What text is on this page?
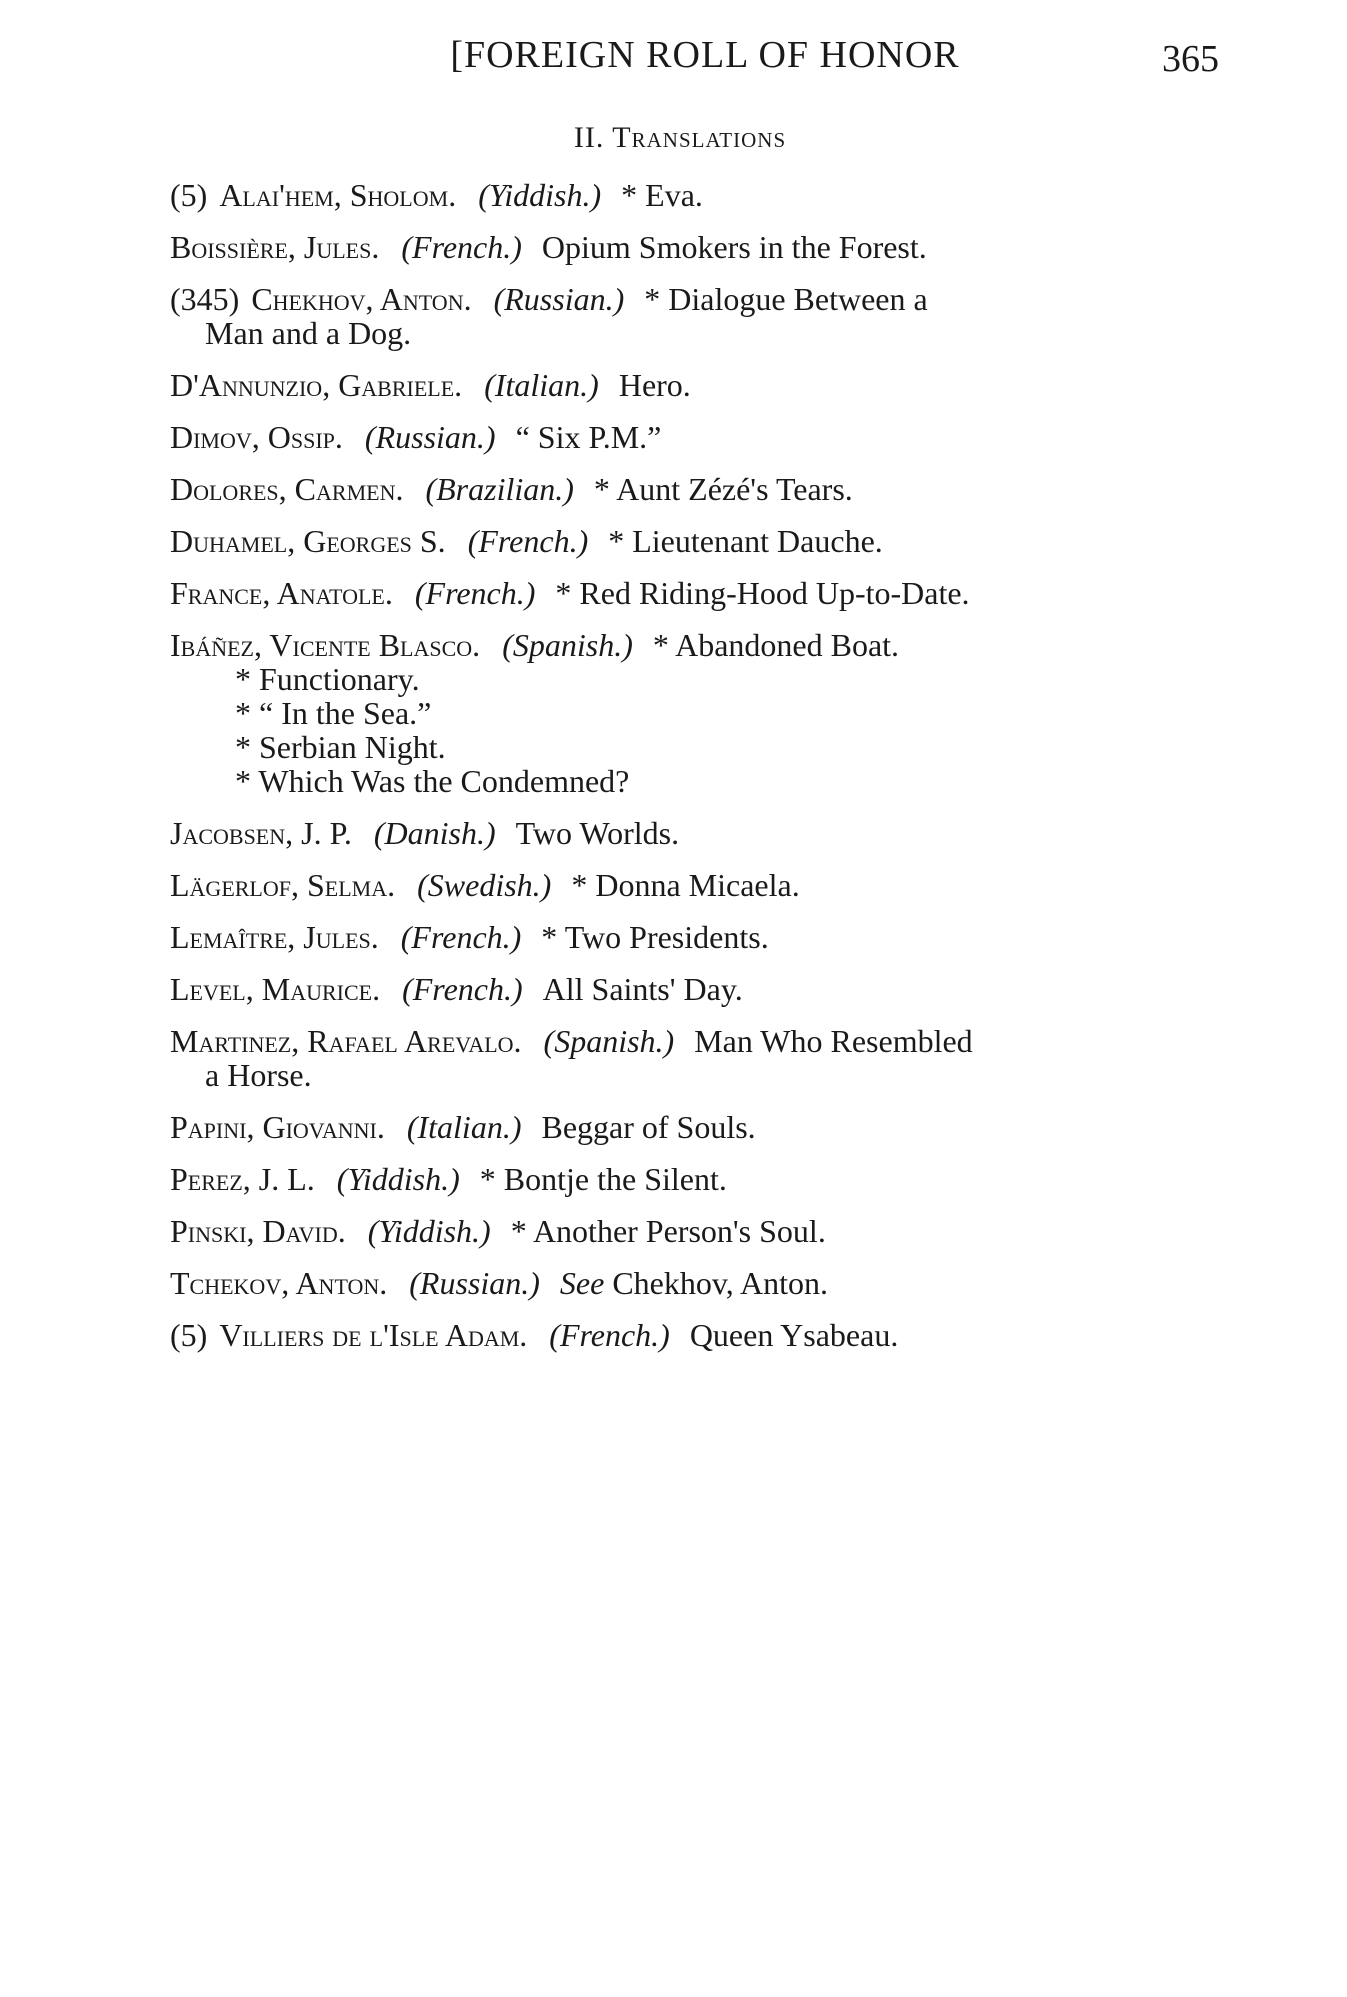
[FOREIGN ROLL OF HONOR	365
II. Translations
(5) Alai'hem, Sholom. (Yiddish.) * Eva.
Boissière, Jules. (French.) Opium Smokers in the Forest.
(345) Chekhov, Anton. (Russian.) * Dialogue Between a
Man and a Dog.
D'Annunzio, Gabriele. (Italian.) Hero.
Dimov, Ossip. (Russian.) “ Six P.M.”
Dolores, Carmen. (Brazilian.) * Aunt Zézé's Tears.
Duhamel, Georges S. (French.) * Lieutenant Dauche.
France, Anatole. (French.) * Red Riding-Hood Up-to-Date.
Ibáñez, Vicente Blasco. (Spanish.) * Abandoned Boat.
* Functionary.
* “ In the Sea.”
* Serbian Night.
* Which Was the Condemned?
Jacobsen, J. P. (Danish.) Two Worlds.
Lägerlof, Selma. (Swedish.) * Donna Micaela.
Lemaître, Jules. (French.) * Two Presidents.
Level, Maurice. (French.) All Saints' Day.
Martinez, Rafael Arevalo. (Spanish.) Man Who Resembled
a Horse.
Papini, Giovanni. (Italian.) Beggar of Souls.
Perez, J. L. (Yiddish.) * Bontje the Silent.
Pinski, David. (Yiddish.) * Another Person's Soul.
Tchekov, Anton. (Russian.) See Chekhov, Anton.
(5) Villiers de l'Isle Adam. (French.) Queen Ysabeau.
